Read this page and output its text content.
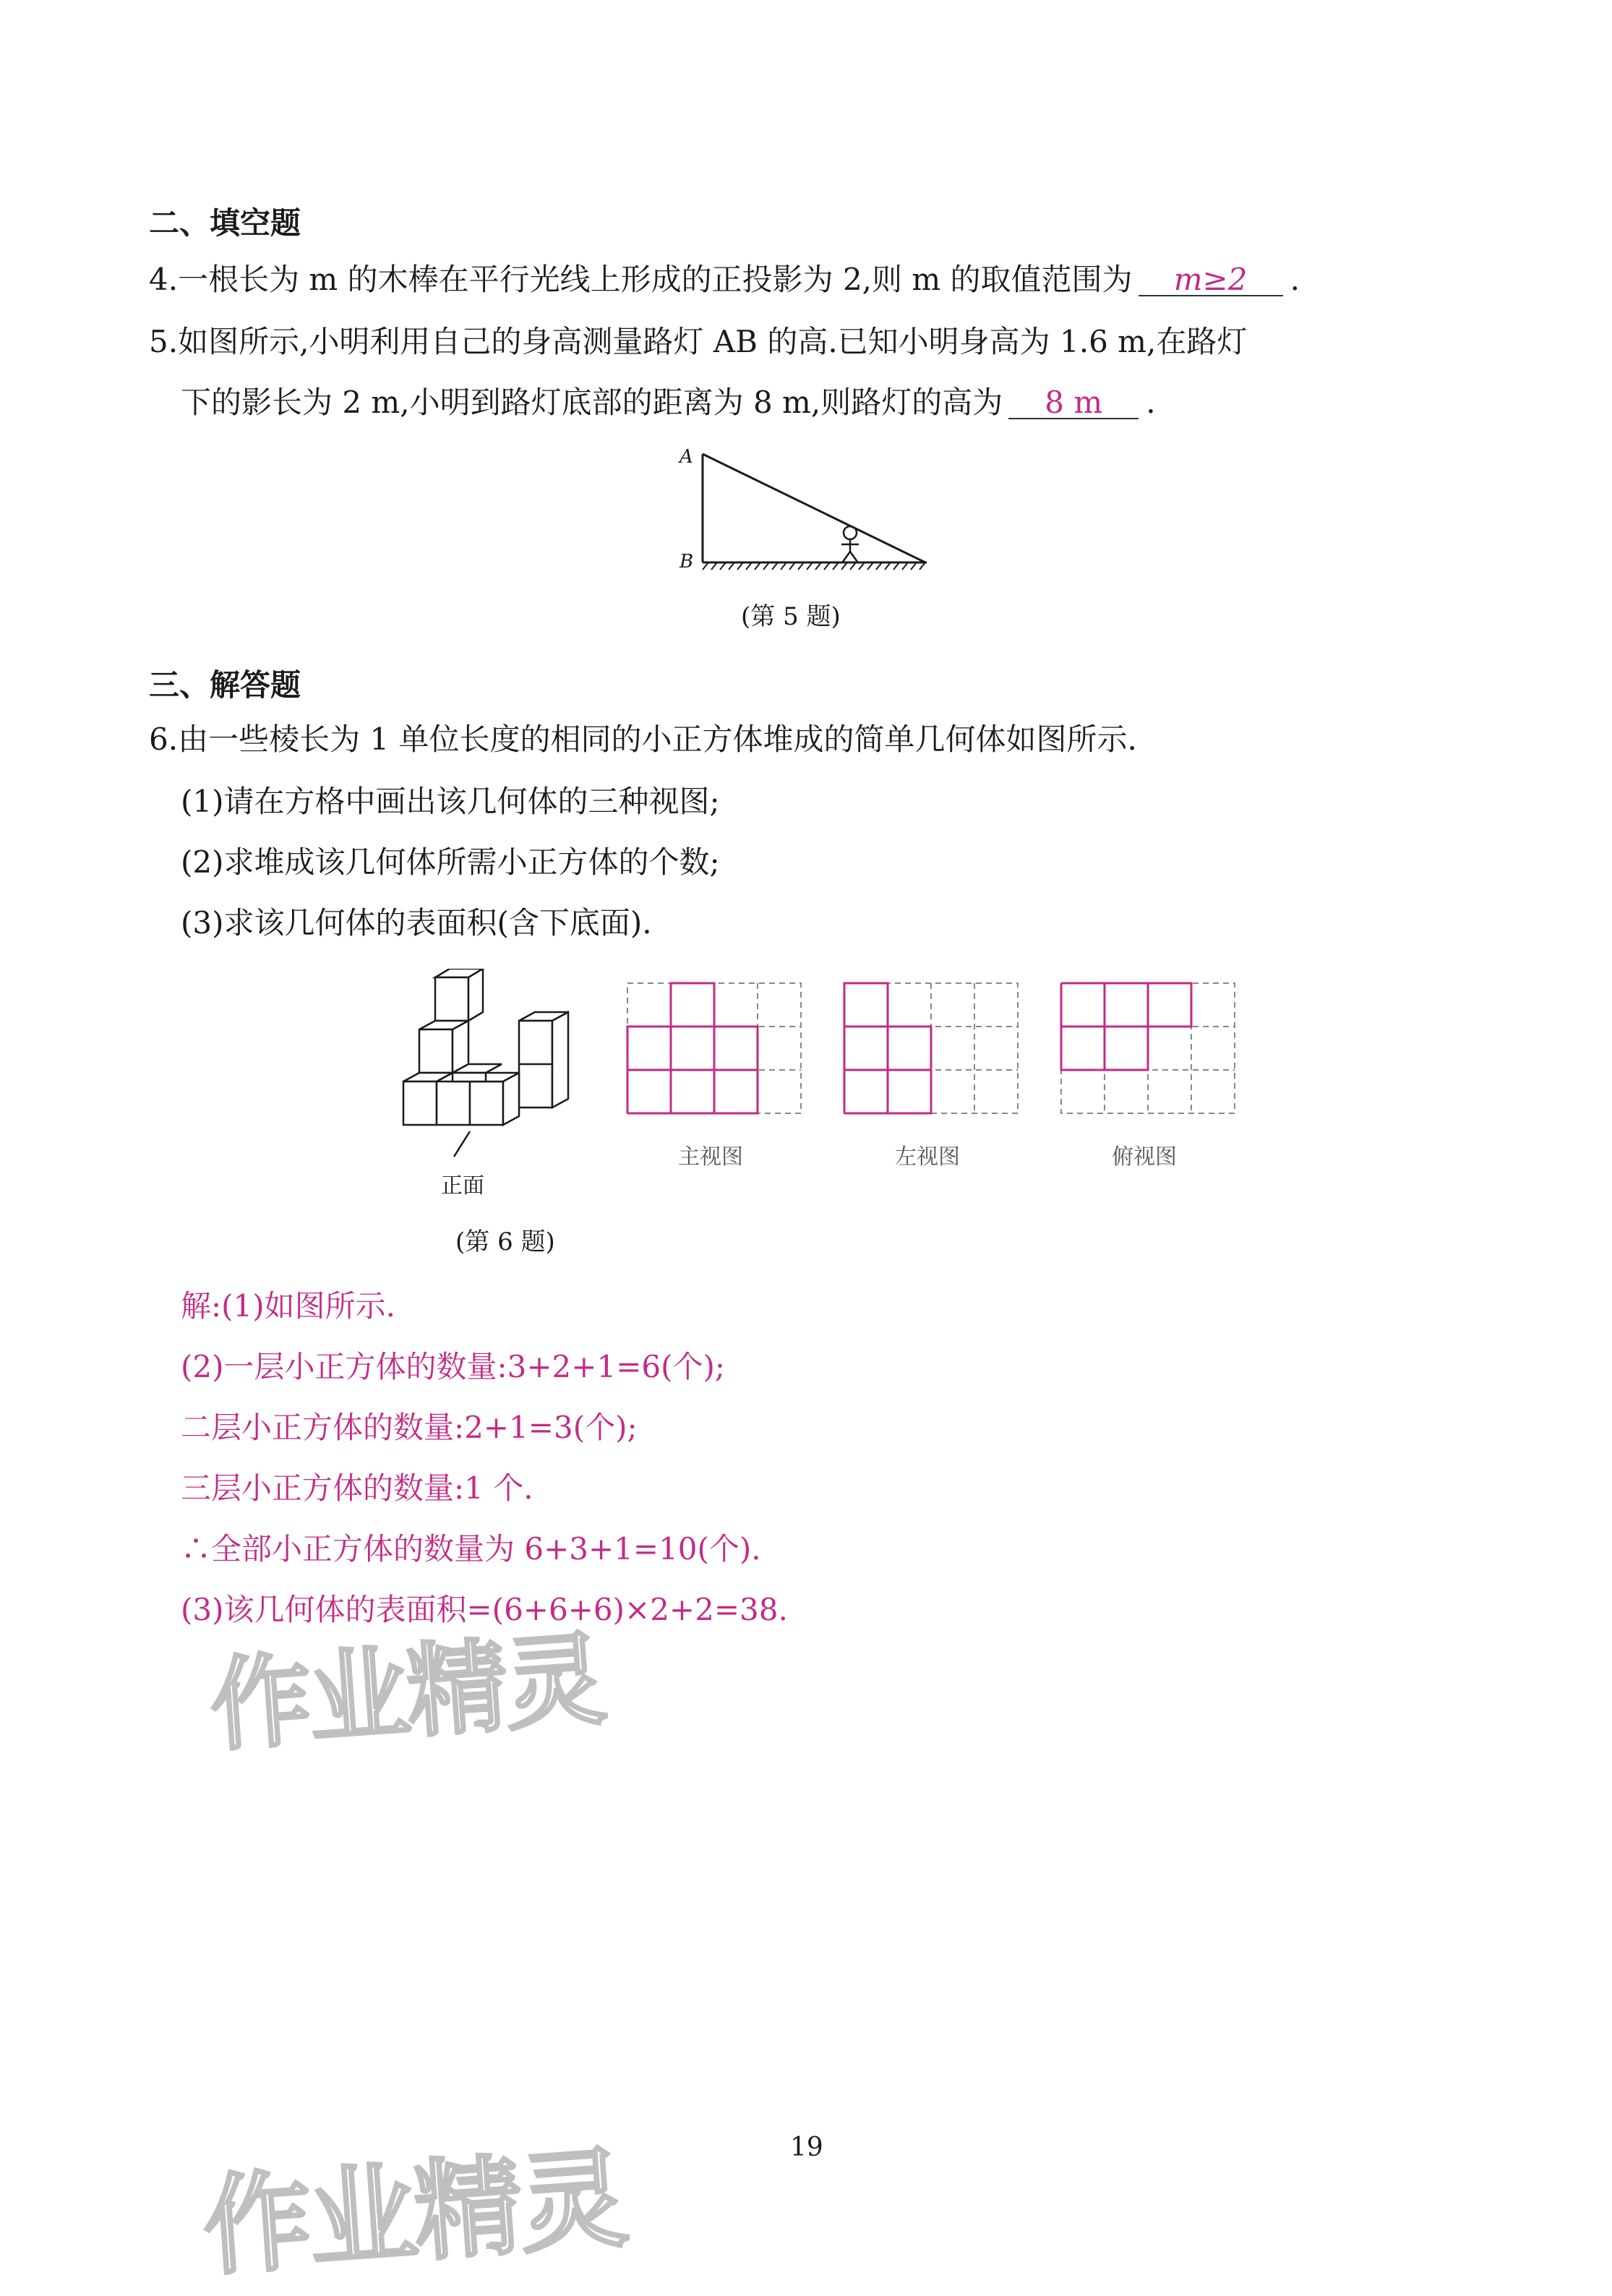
二、填空题
4.一根长为 m 的木棒在平行光线上形成的正投影为 2,则 m 的取值范围为 m≥2 .
5.如图所示,小明利用自己的身高测量路灯 AB 的高.已知小明身高为 1.6 m,在路灯
下的影长为 2 m,小明到路灯底部的距离为 8 m,则路灯的高为 8 m .
A
B
(第 5 题)
三、解答题
6.由一些棱长为 1 单位长度的相同的小正方体堆成的简单几何体如图所示.
(1)请在方格中画出该几何体的三种视图;
(2)求堆成该几何体所需小正方体的个数;
(3)求该几何体的表面积(含下底面).
正面
主视图	左视图	俯视图
(第 6 题)
解:(1)如图所示.
(2)一层小正方体的数量:3+2+1=6(个);
二层小正方体的数量:2+1=3(个);
三层小正方体的数量:1 个.
∴全部小正方体的数量为 6+3+1=10(个).
(3)该几何体的表面积=(6+6+6)×2+2=38.
作业精灵
作业精灵	19
